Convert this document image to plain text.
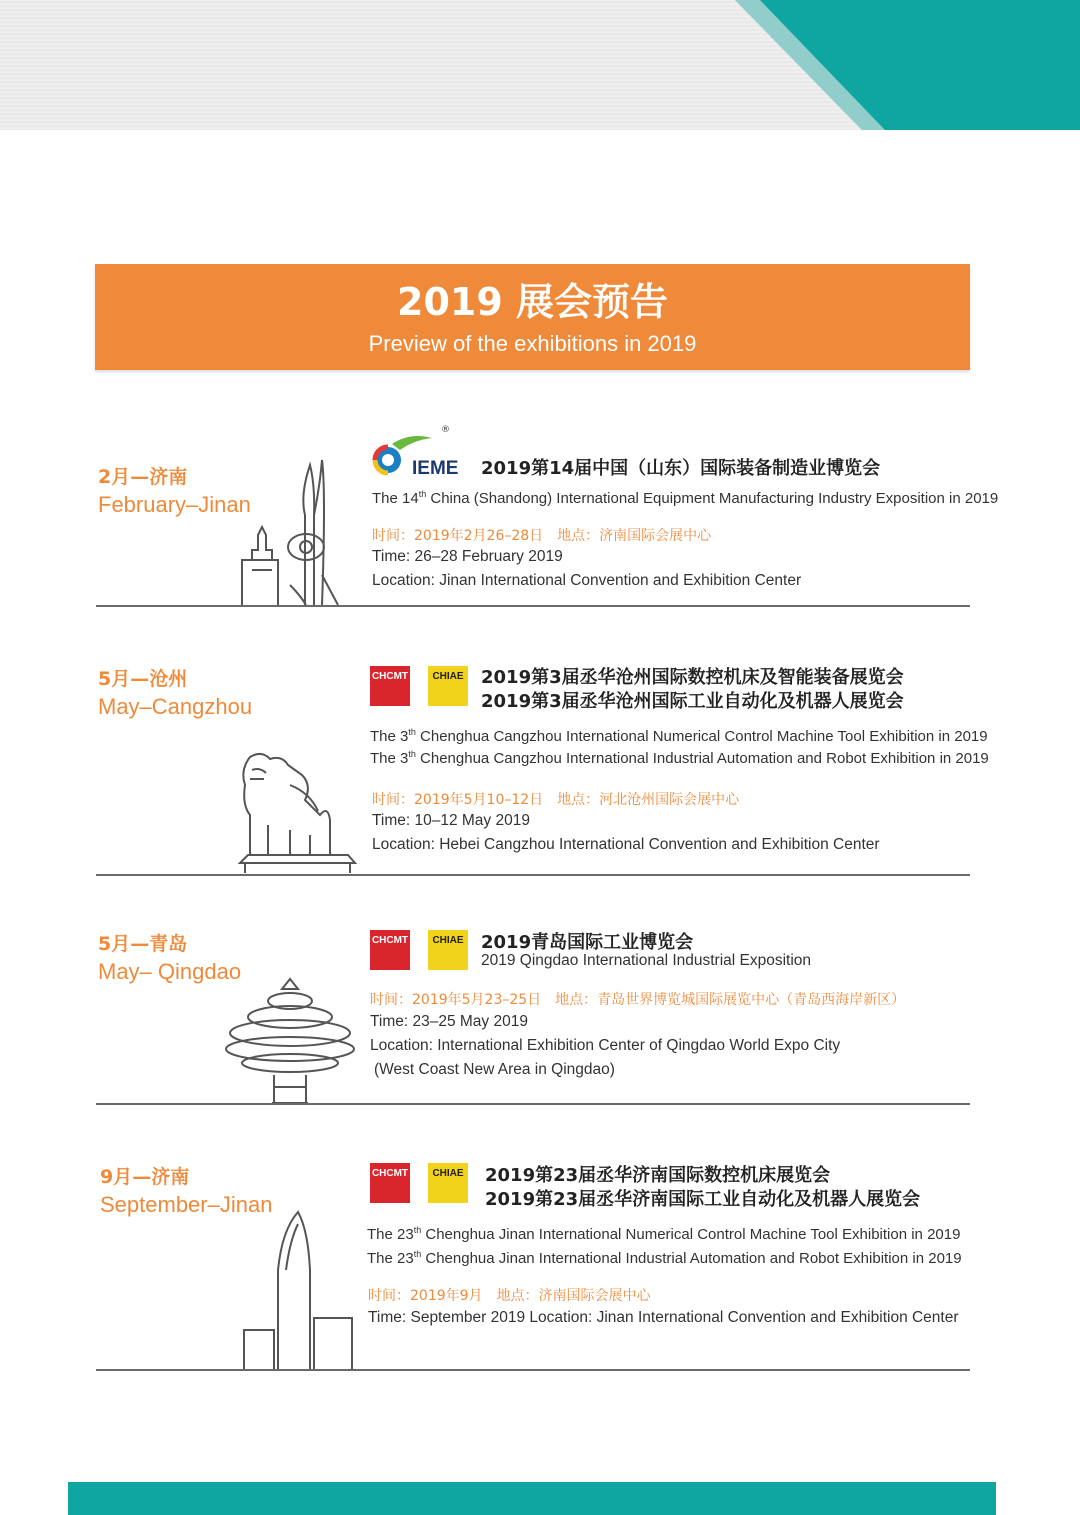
2019 展会预告
Preview of the exhibitions in 2019
2月—济南
February–Jinan
IEME
®
2019第14届中国（山东）国际装备制造业博览会
The 14th China (Shandong) International Equipment Manufacturing Industry Exposition in 2019
时间：2019年2月26–28日　地点：济南国际会展中心
Time: 26–28 February 2019
Location: Jinan International Convention and Exhibition Center
5月—沧州
May–Cangzhou
CHCMT	CHIAE 2019第3届丞华沧州国际数控机床及智能装备展览会
2019第3届丞华沧州国际工业自动化及机器人展览会
The 3th Chenghua Cangzhou International Numerical Control Machine Tool Exhibition in 2019
The 3th Chenghua Cangzhou International Industrial Automation and Robot Exhibition in 2019
时间：2019年5月10–12日　地点：河北沧州国际会展中心
Time: 10–12 May 2019
Location: Hebei Cangzhou International Convention and Exhibition Center
5月—青岛
May– Qingdao
CHCMT	CHIAE 2019青岛国际工业博览会
2019 Qingdao International Industrial Exposition
时间：2019年5月23–25日　地点：青岛世界博览城国际展览中心（青岛西海岸新区）
Time: 23–25 May 2019
Location: International Exhibition Center of Qingdao World Expo City
(West Coast New Area in Qingdao)
9月—济南
September–Jinan
CHCMT	CHIAE 2019第23届丞华济南国际数控机床展览会
2019第23届丞华济南国际工业自动化及机器人展览会
The 23th Chenghua Jinan International Numerical Control Machine Tool Exhibition in 2019
The 23th Chenghua Jinan International Industrial Automation and Robot Exhibition in 2019
时间：2019年9月　地点：济南国际会展中心
Time: September 2019 Location: Jinan International Convention and Exhibition Center
